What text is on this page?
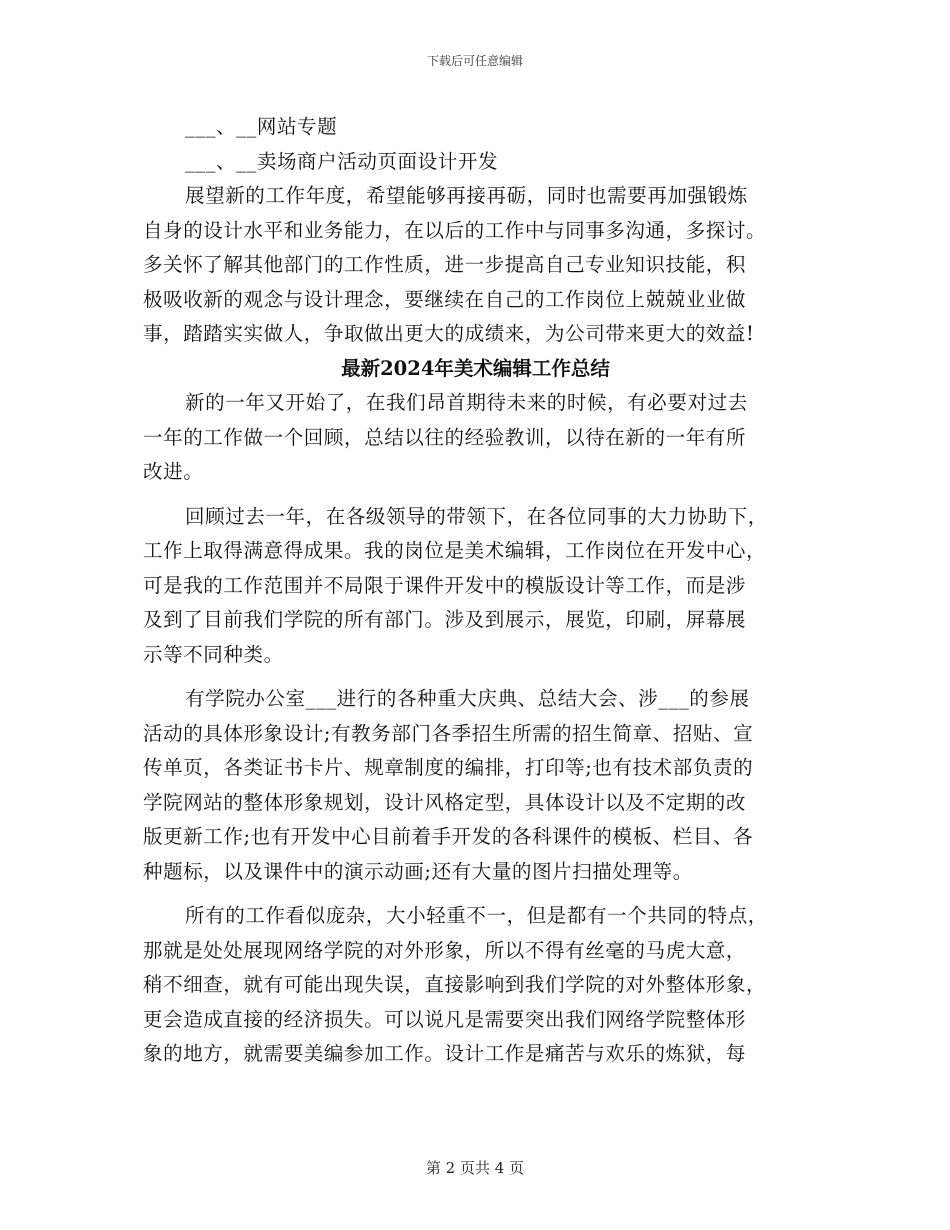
下载后可任意编辑
___、__网站专题
___、__卖场商户活动页面设计开发
展望新的工作年度，希望能够再接再砺，同时也需要再加强锻炼
自身的设计水平和业务能力，在以后的工作中与同事多沟通，多探讨。
多关怀了解其他部门的工作性质，进一步提高自己专业知识技能，积
极吸收新的观念与设计理念，要继续在自己的工作岗位上兢兢业业做
事，踏踏实实做人，争取做出更大的成绩来，为公司带来更大的效益!
最新2024年美术编辑工作总结
新的一年又开始了，在我们昂首期待未来的时候，有必要对过去
一年的工作做一个回顾，总结以往的经验教训，以待在新的一年有所
改进。
回顾过去一年，在各级领导的带领下，在各位同事的大力协助下，
工作上取得满意得成果。我的岗位是美术编辑，工作岗位在开发中心，
可是我的工作范围并不局限于课件开发中的模版设计等工作，而是涉
及到了目前我们学院的所有部门。涉及到展示，展览，印刷，屏幕展
示等不同种类。
有学院办公室___进行的各种重大庆典、总结大会、涉___的参展
活动的具体形象设计;有教务部门各季招生所需的招生简章、招贴、宣
传单页，各类证书卡片、规章制度的编排，打印等;也有技术部负责的
学院网站的整体形象规划，设计风格定型，具体设计以及不定期的改
版更新工作;也有开发中心目前着手开发的各科课件的模板、栏目、各
种题标，以及课件中的演示动画;还有大量的图片扫描处理等。
所有的工作看似庞杂，大小轻重不一，但是都有一个共同的特点，
那就是处处展现网络学院的对外形象，所以不得有丝毫的马虎大意，
稍不细查，就有可能出现失误，直接影响到我们学院的对外整体形象，
更会造成直接的经济损失。可以说凡是需要突出我们网络学院整体形
象的地方，就需要美编参加工作。设计工作是痛苦与欢乐的炼狱，每
第 2 页共 4 页
